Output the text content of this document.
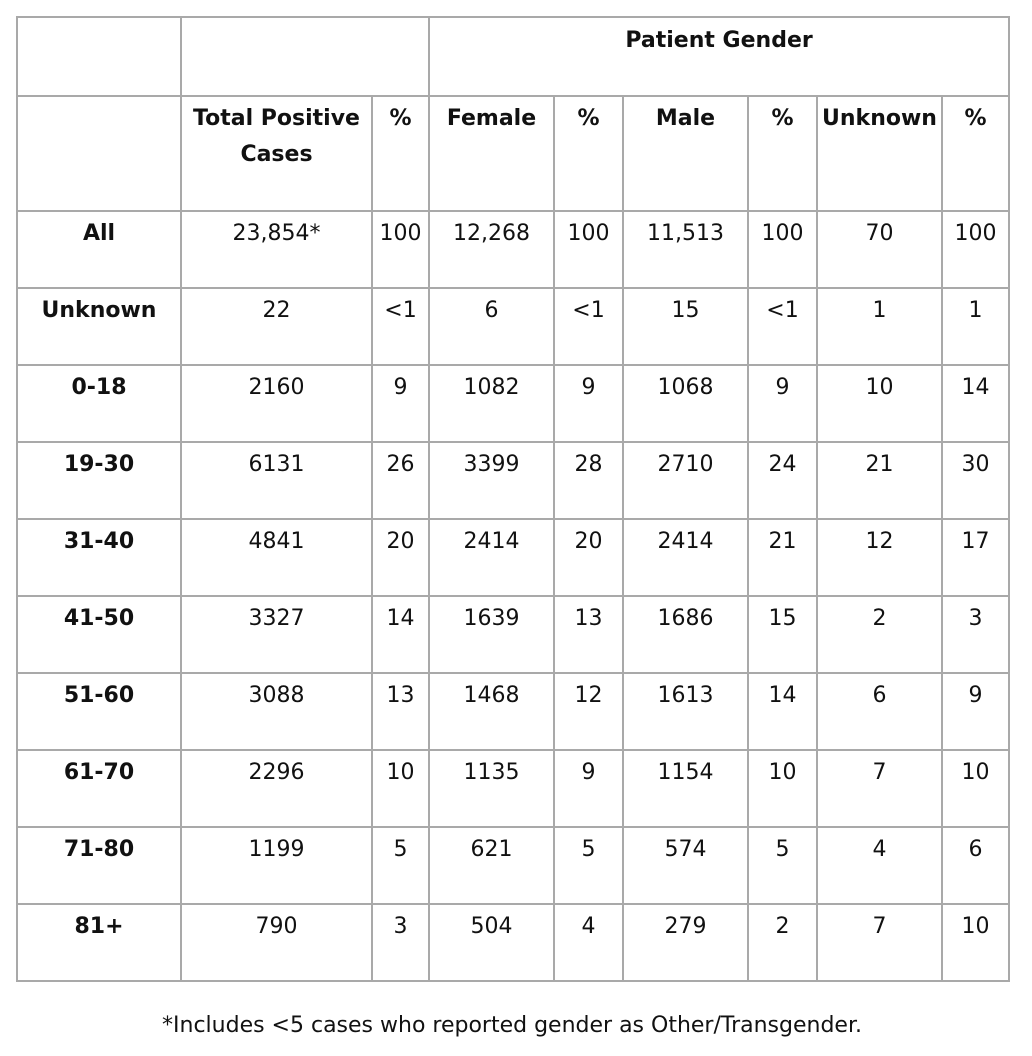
			Patient Gender					

	Total Positive Cases	%	Female	%	Male	%	Unknown	%

All	23,854*	100	12,268	100	11,513	100	70	100

Unknown	22	<1	6	<1	15	<1	1	1

0-18	2160	9	1082	9	1068	9	10	14

19-30	6131	26	3399	28	2710	24	21	30

31-40	4841	20	2414	20	2414	21	12	17

41-50	3327	14	1639	13	1686	15	2	3

51-60	3088	13	1468	12	1613	14	6	9

61-70	2296	10	1135	9	1154	10	7	10

71-80	1199	5	621	5	574	5	4	6

81+	790	3	504	4	279	2	7	10
*Includes <5 cases who reported gender as Other/Transgender.
